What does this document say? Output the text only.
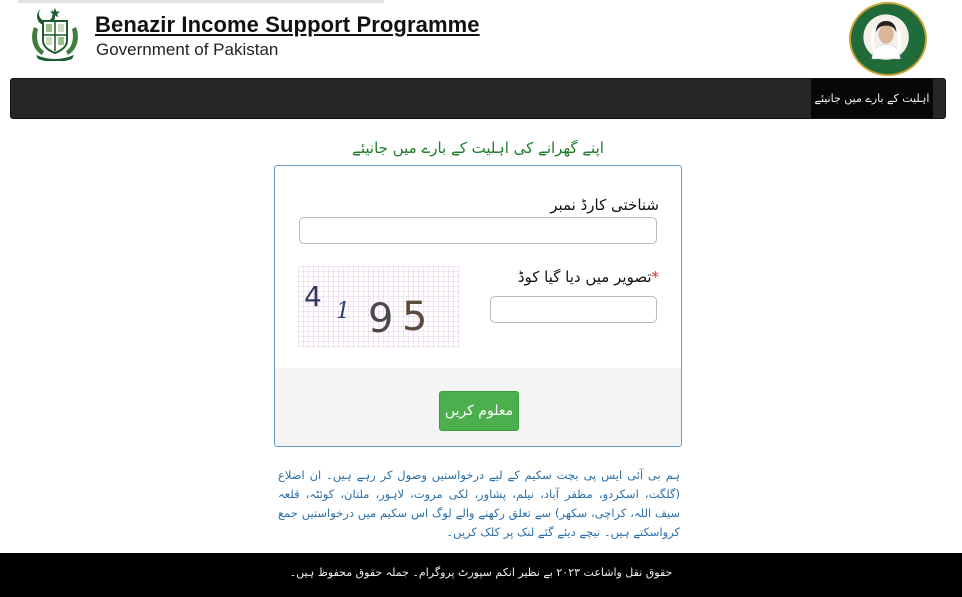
Benazir Income Support Programme
Government of Pakistan
اہلیت کے بارے میں جانیئے
اپنے گھرانے کی اہلیت کے بارے میں جانیئے
شناختی کارڈ نمبر
4 1 9 5
*تصویر میں دیا گیا کوڈ
معلوم کریں
ہم بی آئی ایس پی بچت سکیم کے لیے درخواستیں وصول کر رہے ہیں۔ ان اضلاع (گلگت، اسکردو، مظفر آباد، نیلم، پشاور، لکی مروت، لاہور، ملتان، کوئٹہ، قلعہ سیف اللہ، کراچی، سکھر) سے تعلق رکھنے والے لوگ اس سکیم میں درخواستیں جمع کرواسکتے ہیں۔ نیچے دیئے گئے لنک پر کلک کریں۔
حقوق نقل واشاعت ۲۰۲۳ بے نظیر انکم سپورٹ پروگرام۔ جملہ حقوق محفوظ ہیں۔
